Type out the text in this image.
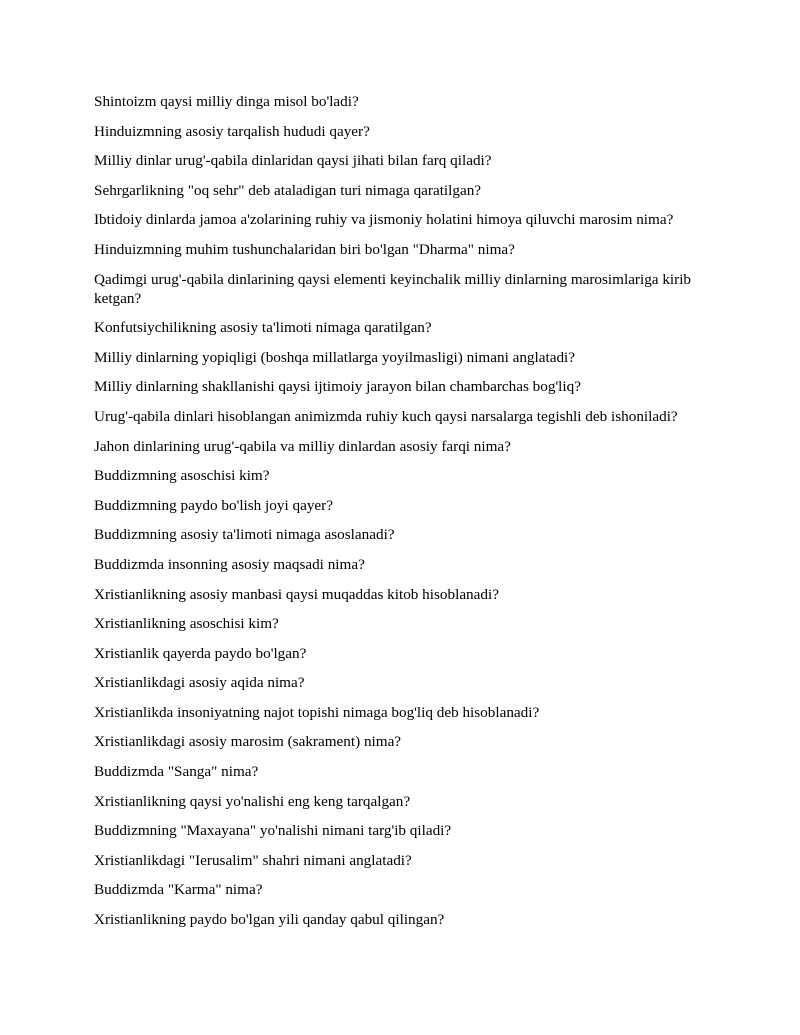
Shintoizm qaysi milliy dinga misol bo'ladi?
Hinduizmning asosiy tarqalish hududi qayer?
Milliy dinlar urug'-qabila dinlaridan qaysi jihati bilan farq qiladi?
Sehrgarlikning "oq sehr" deb ataladigan turi nimaga qaratilgan?
Ibtidoiy dinlarda jamoa a'zolarining ruhiy va jismoniy holatini himoya qiluvchi marosim nima?
Hinduizmning muhim tushunchalaridan biri bo'lgan "Dharma" nima?
Qadimgi urug'-qabila dinlarining qaysi elementi keyinchalik milliy dinlarning marosimlariga kirib ketgan?
Konfutsiychilikning asosiy ta'limoti nimaga qaratilgan?
Milliy dinlarning yopiqligi (boshqa millatlarga yoyilmasligi) nimani anglatadi?
Milliy dinlarning shakllanishi qaysi ijtimoiy jarayon bilan chambarchas bog'liq?
Urug'-qabila dinlari hisoblangan animizmda ruhiy kuch qaysi narsalarga tegishli deb ishoniladi?
Jahon dinlarining urug'-qabila va milliy dinlardan asosiy farqi nima?
Buddizmning asoschisi kim?
Buddizmning paydo bo'lish joyi qayer?
Buddizmning asosiy ta'limoti nimaga asoslanadi?
Buddizmda insonning asosiy maqsadi nima?
Xristianlikning asosiy manbasi qaysi muqaddas kitob hisoblanadi?
Xristianlikning asoschisi kim?
Xristianlik qayerda paydo bo'lgan?
Xristianlikdagi asosiy aqida nima?
Xristianlikda insoniyatning najot topishi nimaga bog'liq deb hisoblanadi?
Xristianlikdagi asosiy marosim (sakrament) nima?
Buddizmda "Sanga" nima?
Xristianlikning qaysi yo'nalishi eng keng tarqalgan?
Buddizmning "Maxayana" yo'nalishi nimani targ'ib qiladi?
Xristianlikdagi "Ierusalim" shahri nimani anglatadi?
Buddizmda "Karma" nima?
Xristianlikning paydo bo'lgan yili qanday qabul qilingan?
